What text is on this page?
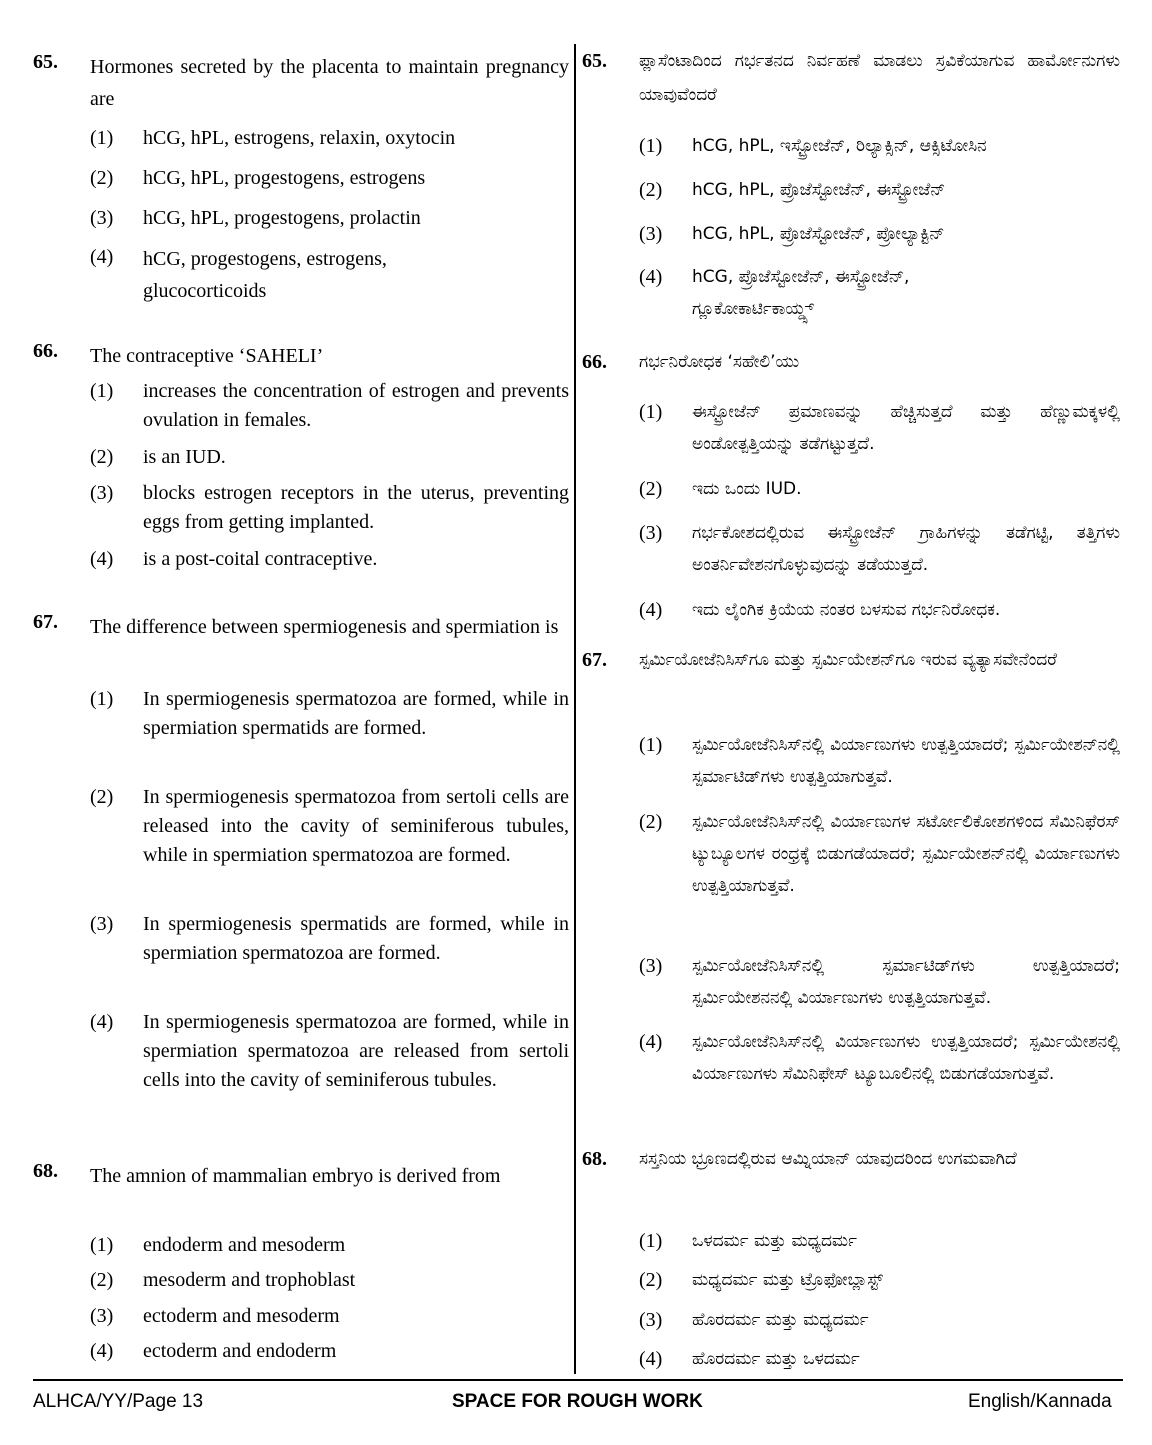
65. Hormones secreted by the placenta to maintain pregnancy are
(1) hCG, hPL, estrogens, relaxin, oxytocin
(2) hCG, hPL, progestogens, estrogens
(3) hCG, hPL, progestogens, prolactin
(4) hCG, progestogens, estrogens, glucocorticoids
66. The contraceptive ‘SAHELI’
(1) increases the concentration of estrogen and prevents ovulation in females.
(2) is an IUD.
(3) blocks estrogen receptors in the uterus, preventing eggs from getting implanted.
(4) is a post-coital contraceptive.
67. The difference between spermiogenesis and spermiation is
(1) In spermiogenesis spermatozoa are formed, while in spermiation spermatids are formed.
(2) In spermiogenesis spermatozoa from sertoli cells are released into the cavity of seminiferous tubules, while in spermiation spermatozoa are formed.
(3) In spermiogenesis spermatids are formed, while in spermiation spermatozoa are formed.
(4) In spermiogenesis spermatozoa are formed, while in spermiation spermatozoa are released from sertoli cells into the cavity of seminiferous tubules.
68. The amnion of mammalian embryo is derived from
(1) endoderm and mesoderm
(2) mesoderm and trophoblast
(3) ectoderm and mesoderm
(4) ectoderm and endoderm
65. ಪ್ಲಾಸೆಂಟಾದಿಂದ ಗರ್ಭತನದ ನಿರ್ವಹಣೆ ಮಾಡಲು ಸ್ರವಿಕೆಯಾಗುವ ಹಾರ್ಮೋನುಗಳು ಯಾವುವೆಂದರೆ
(1) hCG, hPL, ಇಸ್ಟ್ರೋಜೆನ್, ರಿಲ್ಯಾಕ್ಸಿನ್, ಆಕ್ಸಿಟೋಸಿನ
(2) hCG, hPL, ಪ್ರೊಜೆಸ್ಟೋಜೆನ್, ಈಸ್ಟ್ರೋಜೆನ್
(3) hCG, hPL, ಪ್ರೊಜೆಸ್ಟೋಜೆನ್, ಪ್ರೋಲ್ಯಾಕ್ಟಿನ್
(4) hCG, ಪ್ರೊಜೆಸ್ಟೋಜೆನ್, ಈಸ್ಟ್ರೋಜೆನ್, ಗ್ಲೂಕೋಕಾರ್ಟಿಕಾಯ್ಡ್ಸ್
66. ಗರ್ಭನಿರೋಧಕ ‘ಸಹೇಲಿ’ಯು
(1) ಈಸ್ಟ್ರೋಜೆನ್ ಪ್ರಮಾಣವನ್ನು ಹೆಚ್ಚಿಸುತ್ತದೆ ಮತ್ತು ಹೆಣ್ಣುಮಕ್ಕಳಲ್ಲಿ ಅಂಡೋತ್ಪತ್ತಿಯನ್ನು ತಡೆಗಟ್ಟುತ್ತದೆ.
(2) ಇದು ಒಂದು IUD.
(3) ಗರ್ಭಕೋಶದಲ್ಲಿರುವ ಈಸ್ಟ್ರೋಜೆನ್ ಗ್ರಾಹಿಗಳನ್ನು ತಡೆಗಟ್ಟಿ, ತತ್ತಿಗಳು ಅಂತರ್ನಿವೇಶನಗೊಳ್ಳುವುದನ್ನು ತಡೆಯುತ್ತದೆ.
(4) ಇದು ಲೈಂಗಿಕ ಕ್ರಿಯೆಯ ನಂತರ ಬಳಸುವ ಗರ್ಭನಿರೋಧಕ.
67. ಸ್ಪರ್ಮಿಯೋಜೆನಿಸಿಸ್‌ಗೂ ಮತ್ತು ಸ್ಪರ್ಮಿಯೇಶನ್‌ಗೂ ಇರುವ ವ್ಯತ್ಯಾಸವೇನೆಂದರೆ
(1) ಸ್ಪರ್ಮಿಯೋಜೆನಿಸಿಸ್‌ನಲ್ಲಿ ವಿರ್ಯಾಣುಗಳು ಉತ್ಪತ್ತಿಯಾದರೆ; ಸ್ಪರ್ಮಿಯೇಶನ್‌ನಲ್ಲಿ ಸ್ಪರ್ಮಾಟಿಡ್‌ಗಳು ಉತ್ಪತ್ತಿಯಾಗುತ್ತವೆ.
(2) ಸ್ಪರ್ಮಿಯೋಜೆನಿಸಿಸ್‌ನಲ್ಲಿ ವಿರ್ಯಾಣುಗಳ ಸರ್ಟೋಲಿಕೋಶಗಳಿಂದ ಸೆಮಿನಿಫೆರಸ್ ಟ್ಯುಬ್ಯೂಲಗಳ ರಂಧ್ರಕ್ಕೆ ಬಿಡುಗಡೆಯಾದರೆ; ಸ್ಪರ್ಮಿಯೇಶನ್‌ನಲ್ಲಿ ವಿರ್ಯಾಣುಗಳು ಉತ್ಪತ್ತಿಯಾಗುತ್ತವೆ.
(3) ಸ್ಪರ್ಮಿಯೋಜೆನಿಸಿಸ್‌ನಲ್ಲಿ ಸ್ಪರ್ಮಾಟಿಡ್‌ಗಳು ಉತ್ಪತ್ತಿಯಾದರೆ; ಸ್ಪರ್ಮಿಯೇಶನನಲ್ಲಿ ವಿರ್ಯಾಣುಗಳು ಉತ್ಪತ್ತಿಯಾಗುತ್ತವೆ.
(4) ಸ್ಪರ್ಮಿಯೋಜೆನಿಸಿಸ್‌ನಲ್ಲಿ ವಿರ್ಯಾಣುಗಳು ಉತ್ಪತ್ತಿಯಾದರೆ; ಸ್ಪರ್ಮಿಯೇಶನಲ್ಲಿ ವಿರ್ಯಾಣುಗಳು ಸೆಮಿನಿಫೇಸ್ ಟ್ಯೂಬೂಲಿನಲ್ಲಿ ಬಿಡುಗಡೆಯಾಗುತ್ತವೆ.
68. ಸಸ್ತನಿಯ ಭ್ರೂಣದಲ್ಲಿರುವ ಆಮ್ನಿಯಾನ್ ಯಾವುದರಿಂದ ಉಗಮವಾಗಿದೆ
(1) ಒಳದರ್ಮ ಮತ್ತು ಮಧ್ಯದರ್ಮ
(2) ಮಧ್ಯದರ್ಮ ಮತ್ತು ಟ್ರೊಫೋಬ್ಲಾಸ್ಟ್
(3) ಹೊರದರ್ಮ ಮತ್ತು ಮಧ್ಯದರ್ಮ
(4) ಹೊರದರ್ಮ ಮತ್ತು ಒಳದರ್ಮ
ALHCA/YY/Page 13	SPACE FOR ROUGH WORK	English/Kannada
